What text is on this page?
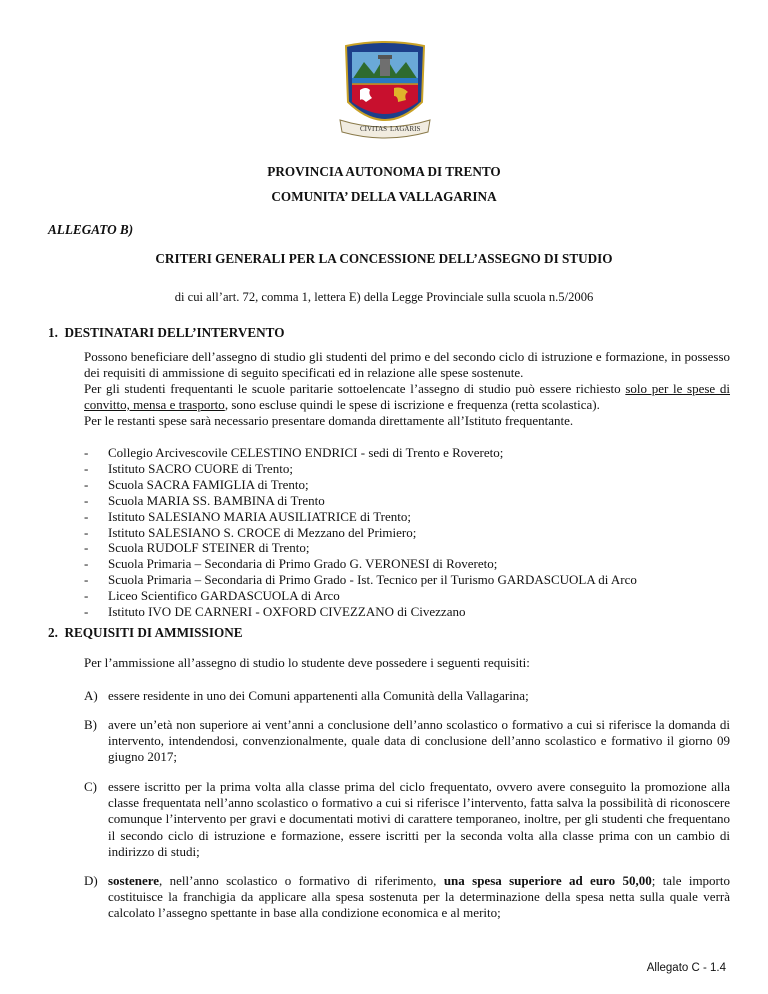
CIVITAS LAGARIS
PROVINCIA AUTONOMA DI TRENTO
COMUNITA’ DELLA VALLAGARINA
ALLEGATO B)
CRITERI GENERALI PER LA CONCESSIONE DELL’ASSEGNO DI STUDIO
di cui all’art. 72, comma 1, lettera E) della Legge Provinciale sulla scuola n.5/2006
1.  DESTINATARI DELL’INTERVENTO
Possono beneficiare dell’assegno di studio gli studenti del primo e del secondo ciclo di istruzione e formazione, in possesso dei requisiti di ammissione di seguito specificati ed in relazione alle spese sostenute.
Per gli studenti frequentanti le scuole paritarie sottoelencate l’assegno di studio può essere richiesto solo per le spese di convitto, mensa e trasporto, sono escluse quindi le spese di iscrizione e frequenza (retta scolastica).
Per le restanti spese sarà necessario presentare domanda direttamente all’Istituto frequentante.
- Collegio Arcivescovile CELESTINO ENDRICI - sedi di Trento e Rovereto;
- Istituto SACRO CUORE di Trento;
- Scuola SACRA FAMIGLIA di Trento;
- Scuola MARIA SS. BAMBINA di Trento
- Istituto SALESIANO MARIA AUSILIATRICE di Trento;
- Istituto SALESIANO S. CROCE di Mezzano del Primiero;
- Scuola RUDOLF STEINER di Trento;
- Scuola Primaria – Secondaria di Primo Grado G. VERONESI di Rovereto;
- Scuola Primaria – Secondaria di Primo Grado - Ist. Tecnico per il Turismo GARDASCUOLA di Arco
- Liceo Scientifico GARDASCUOLA di Arco
- Istituto IVO DE CARNERI - OXFORD CIVEZZANO di Civezzano
2.  REQUISITI DI AMMISSIONE
Per l’ammissione all’assegno di studio lo studente deve possedere i seguenti requisiti:
A) essere residente in uno dei Comuni appartenenti alla Comunità della Vallagarina;
B) avere un’età non superiore ai vent’anni a conclusione dell’anno scolastico o formativo a cui si riferisce la domanda di intervento, intendendosi, convenzionalmente, quale data di conclusione dell’anno scolastico e formativo il giorno 09 giugno 2017;
C) essere iscritto per la prima volta alla classe prima del ciclo frequentato, ovvero avere conseguito la promozione alla classe frequentata nell’anno scolastico o formativo a cui si riferisce l’intervento, fatta salva la possibilità di riconoscere comunque l’intervento per gravi e documentati motivi di carattere temporaneo, inoltre, per gli studenti che frequentano il secondo ciclo di istruzione e formazione, essere iscritti per la seconda volta alla classe prima con un cambio di indirizzo di studi;
D) sostenere, nell’anno scolastico o formativo di riferimento, una spesa superiore ad euro 50,00; tale importo costituisce la franchigia da applicare alla spesa sostenuta per la determinazione della spesa netta sulla quale verrà calcolato l’assegno spettante in base alla condizione economica e al merito;
Allegato C - 1.4
